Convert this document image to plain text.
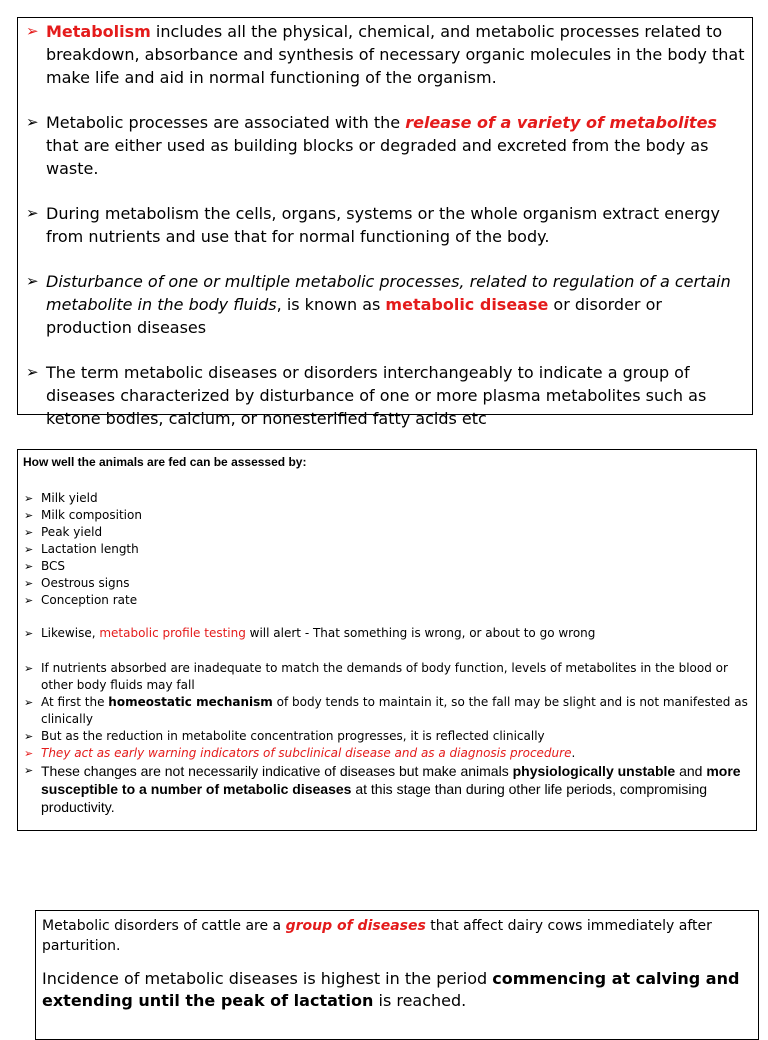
➢ Metabolism includes all the physical, chemical, and metabolic processes related to breakdown, absorbance and synthesis of necessary organic molecules in the body that make life and aid in normal functioning of the organism.
➢ Metabolic processes are associated with the release of a variety of metabolites that are either used as building blocks or degraded and excreted from the body as waste.
➢ During metabolism the cells, organs, systems or the whole organism extract energy from nutrients and use that for normal functioning of the body.
➢ Disturbance of one or multiple metabolic processes, related to regulation of a certain metabolite in the body fluids, is known as metabolic disease or disorder or production diseases
➢ The term metabolic diseases or disorders interchangeably to indicate a group of diseases characterized by disturbance of one or more plasma metabolites such as ketone bodies, calcium, or nonesterified fatty acids etc
How well the animals are fed can be assessed by:
➢ Milk yield
➢ Milk composition
➢ Peak yield
➢ Lactation length
➢ BCS
➢ Oestrous signs
➢ Conception rate
➢ Likewise, metabolic profile testing will alert - That something is wrong, or about to go wrong
➢ If nutrients absorbed are inadequate to match the demands of body function, levels of metabolites in the blood or other body fluids may fall
➢ At first the homeostatic mechanism of body tends to maintain it, so the fall may be slight and is not manifested as clinically
➢ But as the reduction in metabolite concentration progresses, it is reflected clinically
➢ They act as early warning indicators of subclinical disease and as a diagnosis procedure.
➢ These changes are not necessarily indicative of diseases but make animals physiologically unstable and more susceptible to a number of metabolic diseases at this stage than during other life periods, compromising productivity.
Metabolic disorders of cattle are a group of diseases that affect dairy cows immediately after parturition.
Incidence of metabolic diseases is highest in the period commencing at calving and extending until the peak of lactation is reached.
